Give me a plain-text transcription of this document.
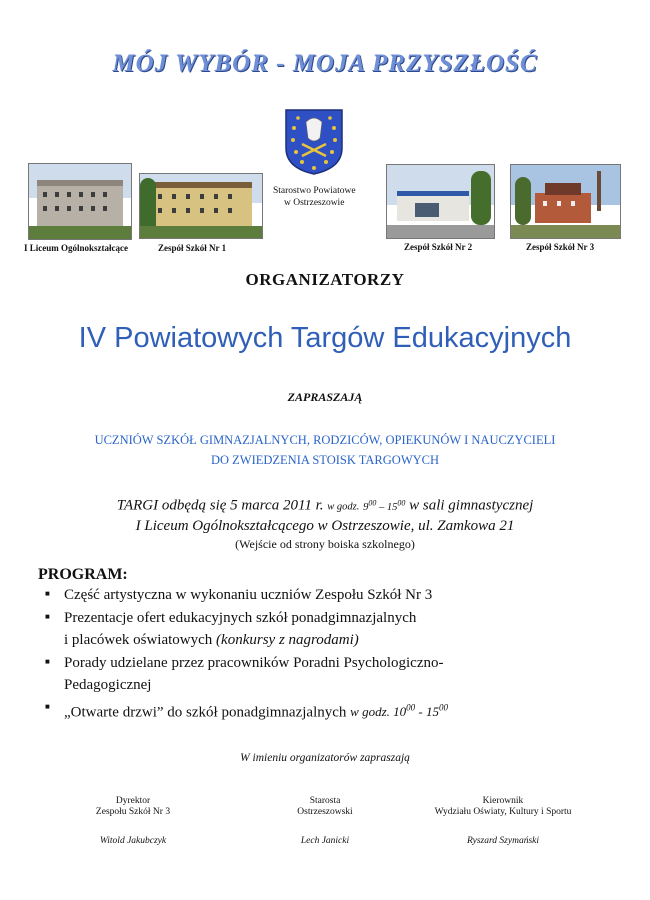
MÓJ WYBÓR - MOJA PRZYSZŁOŚĆ
I Liceum Ogólnokształcące	Zespół Szkół Nr 1	Zespół Szkół Nr 2	Zespół Szkół Nr 3
Starostwo Powiatowe
w Ostrzeszowie
ORGANIZATORZY
IV Powiatowych Targów Edukacyjnych
ZAPRASZAJĄ
UCZNIÓW SZKÓŁ GIMNAZJALNYCH, RODZICÓW, OPIEKUNÓW I NAUCZYCIELI
DO ZWIEDZENIA STOISK TARGOWYCH
TARGI odbędą się 5 marca 2011 r. w godz. $9^{00} - 15^{00}$ w sali gimnastycznej
I Liceum Ogólnokształcącego w Ostrzeszowie, ul. Zamkowa 21
(Wejście od strony boiska szkolnego)
PROGRAM:
■ Część artystyczna w wykonaniu uczniów Zespołu Szkół Nr 3
■ Prezentacje ofert edukacyjnych szkół ponadgimnazjalnych
i placówek oświatowych (konkursy z nagrodami)
■ Porady udzielane przez pracowników Poradni Psychologiczno-
Pedagogicznej
■ „Otwarte drzwi” do szkół ponadgimnazjalnych w godz. $10^{00} - 15^{00}$
W imieniu organizatorów zapraszają
Dyrektor
Zespołu Szkół Nr 3
Witold Jakubczyk
Starosta
Ostrzeszowski
Lech Janicki
Kierownik
Wydziału Oświaty, Kultury i Sportu
Ryszard Szymański
